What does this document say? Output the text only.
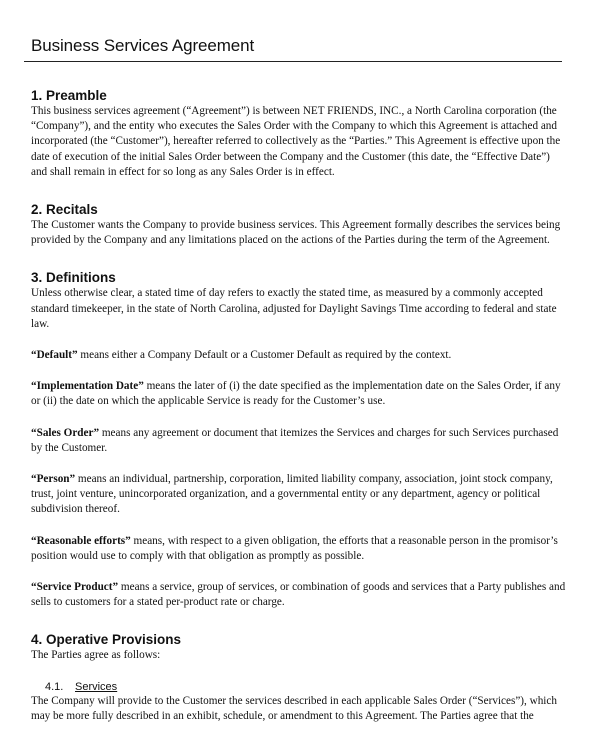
Business Services Agreement
1. Preamble

This business services agreement (“Agreement”) is between NET FRIENDS, INC., a North Carolina corporation (the “Company”), and the entity who executes the Sales Order with the Company to which this Agreement is attached and incorporated (the “Customer”), hereafter referred to collectively as the “Parties.” This Agreement is effective upon the date of execution of the initial Sales Order between the Company and the Customer (this date, the “Effective Date”) and shall remain in effect for so long as any Sales Order is in effect.

2. Recitals

The Customer wants the Company to provide business services. This Agreement formally describes the services being provided by the Company and any limitations placed on the actions of the Parties during the term of the Agreement.

3. Definitions

Unless otherwise clear, a stated time of day refers to exactly the stated time, as measured by a commonly accepted standard timekeeper, in the state of North Carolina, adjusted for Daylight Savings Time according to federal and state law.

“Default” means either a Company Default or a Customer Default as required by the context.

“Implementation Date” means the later of (i) the date specified as the implementation date on the Sales Order, if any or (ii) the date on which the applicable Service is ready for the Customer’s use.

“Sales Order” means any agreement or document that itemizes the Services and charges for such Services purchased by the Customer.

“Person” means an individual, partnership, corporation, limited liability company, association, joint stock company, trust, joint venture, unincorporated organization, and a governmental entity or any department, agency or political subdivision thereof.

“Reasonable efforts” means, with respect to a given obligation, the efforts that a reasonable person in the promisor’s position would use to comply with that obligation as promptly as possible.

“Service Product” means a service, group of services, or combination of goods and services that a Party publishes and sells to customers for a stated per-product rate or charge.

4. Operative Provisions

The Parties agree as follows:

4.1. Services

The Company will provide to the Customer the services described in each applicable Sales Order (“Services”), which may be more fully described in an exhibit, schedule, or amendment to this Agreement. The Parties agree that the
